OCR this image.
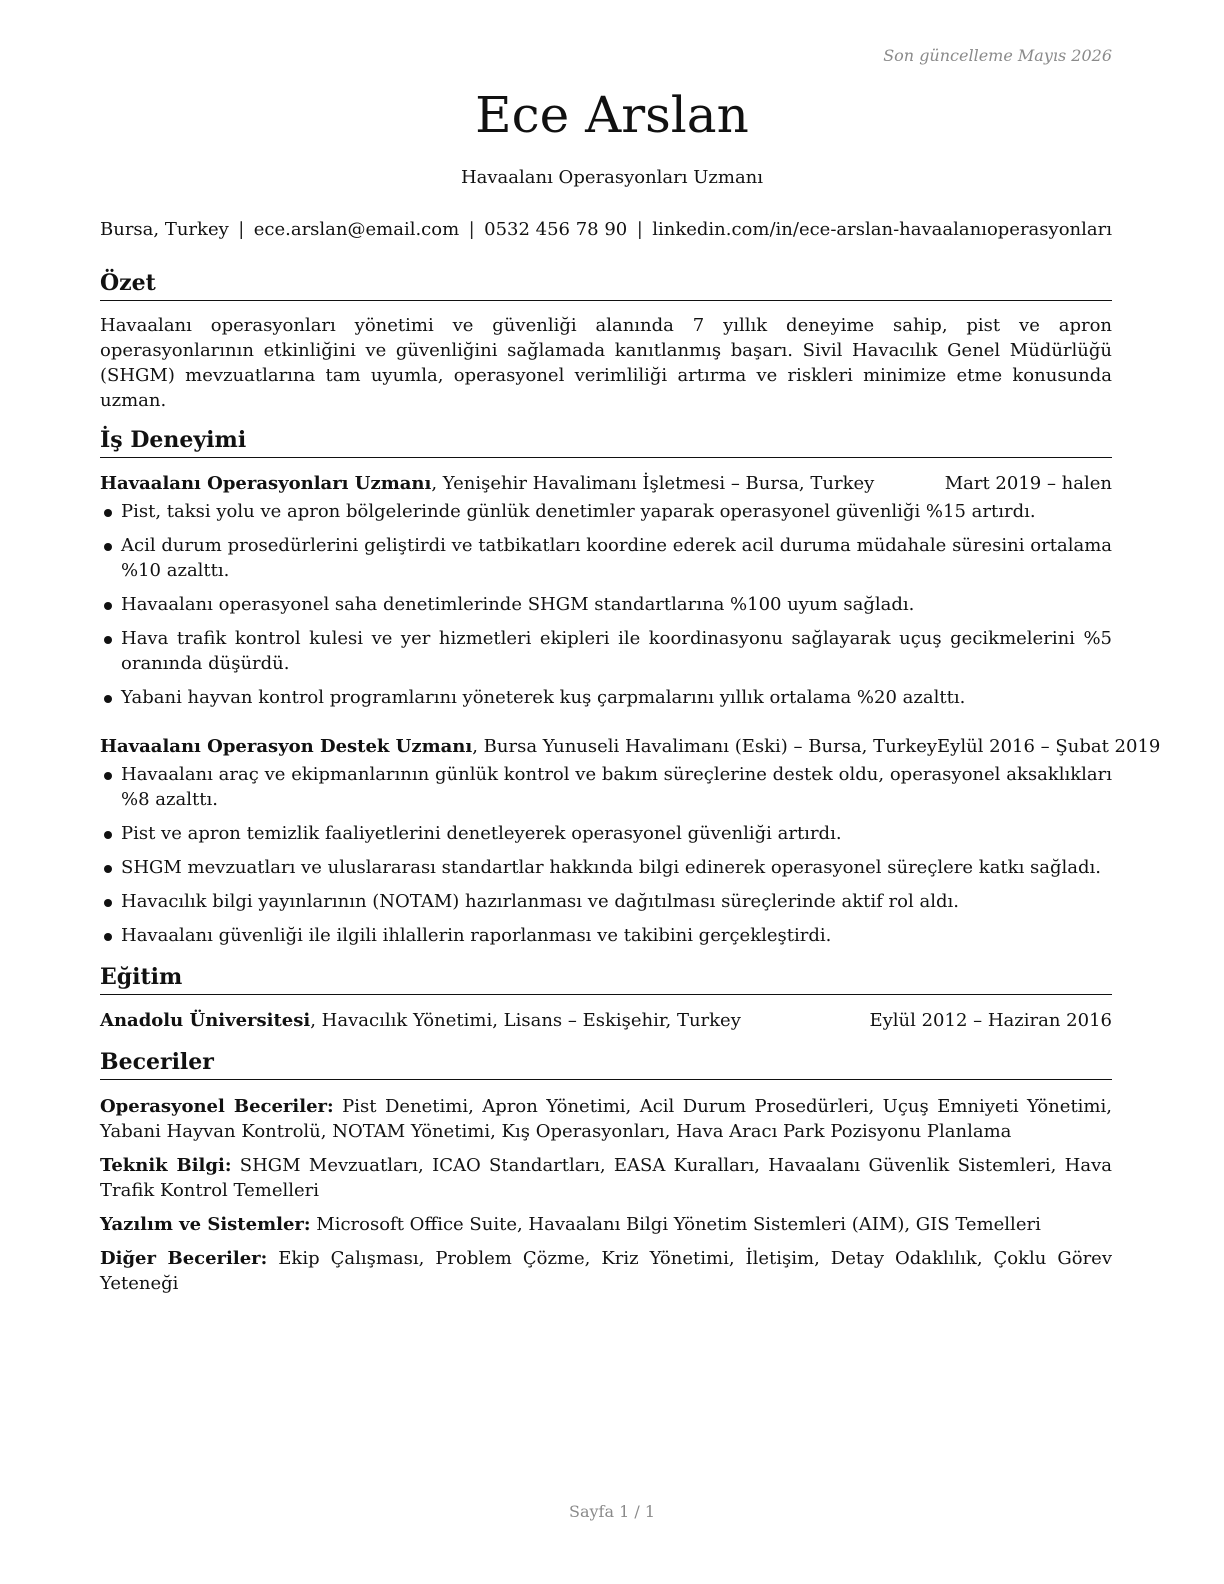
Son güncelleme Mayıs 2026
Ece Arslan
Havaalanı Operasyonları Uzmanı
Bursa, Turkey | ece.arslan@email.com | 0532 456 78 90 | linkedin.com/in/ece-arslan-havaalanıoperasyonları
Özet

Havaalanı operasyonları yönetimi ve güvenliği alanında 7 yıllık deneyime sahip, pist ve apron operasyonlarının etkinliğini ve güvenliğini sağlamada kanıtlanmış başarı. Sivil Havacılık Genel Müdürlüğü (SHGM) mevzuatlarına tam uyumla, operasyonel verimliliği artırma ve riskleri minimize etme konusunda uzman.

İş Deneyimi
Havaalanı Operasyonları Uzmanı, Yenişehir Havalimanı İşletmesi – Bursa, Turkey	Mart 2019 – halen
Pist, taksi yolu ve apron bölgelerinde günlük denetimler yaparak operasyonel güvenliği %15 artırdı.
Acil durum prosedürlerini geliştirdi ve tatbikatları koordine ederek acil duruma müdahale süresini ortalama %10 azalttı.
Havaalanı operasyonel saha denetimlerinde SHGM standartlarına %100 uyum sağladı.
Hava trafik kontrol kulesi ve yer hizmetleri ekipleri ile koordinasyonu sağlayarak uçuş gecikmelerini %5 oranında düşürdü.
Yabani hayvan kontrol programlarını yöneterek kuş çarpmalarını yıllık ortalama %20 azalttı.
Havaalanı Operasyon Destek Uzmanı, Bursa Yunuseli Havalimanı (Eski) – Bursa, Turkey Eylül 2016 – Şubat 2019
Havaalanı araç ve ekipmanlarının günlük kontrol ve bakım süreçlerine destek oldu, operasyonel aksaklıkları %8 azalttı.
Pist ve apron temizlik faaliyetlerini denetleyerek operasyonel güvenliği artırdı.
SHGM mevzuatları ve uluslararası standartlar hakkında bilgi edinerek operasyonel süreçlere katkı sağladı.
Havacılık bilgi yayınlarının (NOTAM) hazırlanması ve dağıtılması süreçlerinde aktif rol aldı.
Havaalanı güvenliği ile ilgili ihlallerin raporlanması ve takibini gerçekleştirdi.
Eğitim
Anadolu Üniversitesi, Havacılık Yönetimi, Lisans – Eskişehir, Turkey	Eylül 2012 – Haziran 2016
Beceriler

Operasyonel Beceriler: Pist Denetimi, Apron Yönetimi, Acil Durum Prosedürleri, Uçuş Emniyeti Yönetimi, Yabani Hayvan Kontrolü, NOTAM Yönetimi, Kış Operasyonları, Hava Aracı Park Pozisyonu Planlama

Teknik Bilgi: SHGM Mevzuatları, ICAO Standartları, EASA Kuralları, Havaalanı Güvenlik Sistemleri, Hava Trafik Kontrol Temelleri

Yazılım ve Sistemler: Microsoft Office Suite, Havaalanı Bilgi Yönetim Sistemleri (AIM), GIS Temelleri

Diğer Beceriler: Ekip Çalışması, Problem Çözme, Kriz Yönetimi, İletişim, Detay Odaklılık, Çoklu Görev Yeteneği

Sayfa 1 / 1
